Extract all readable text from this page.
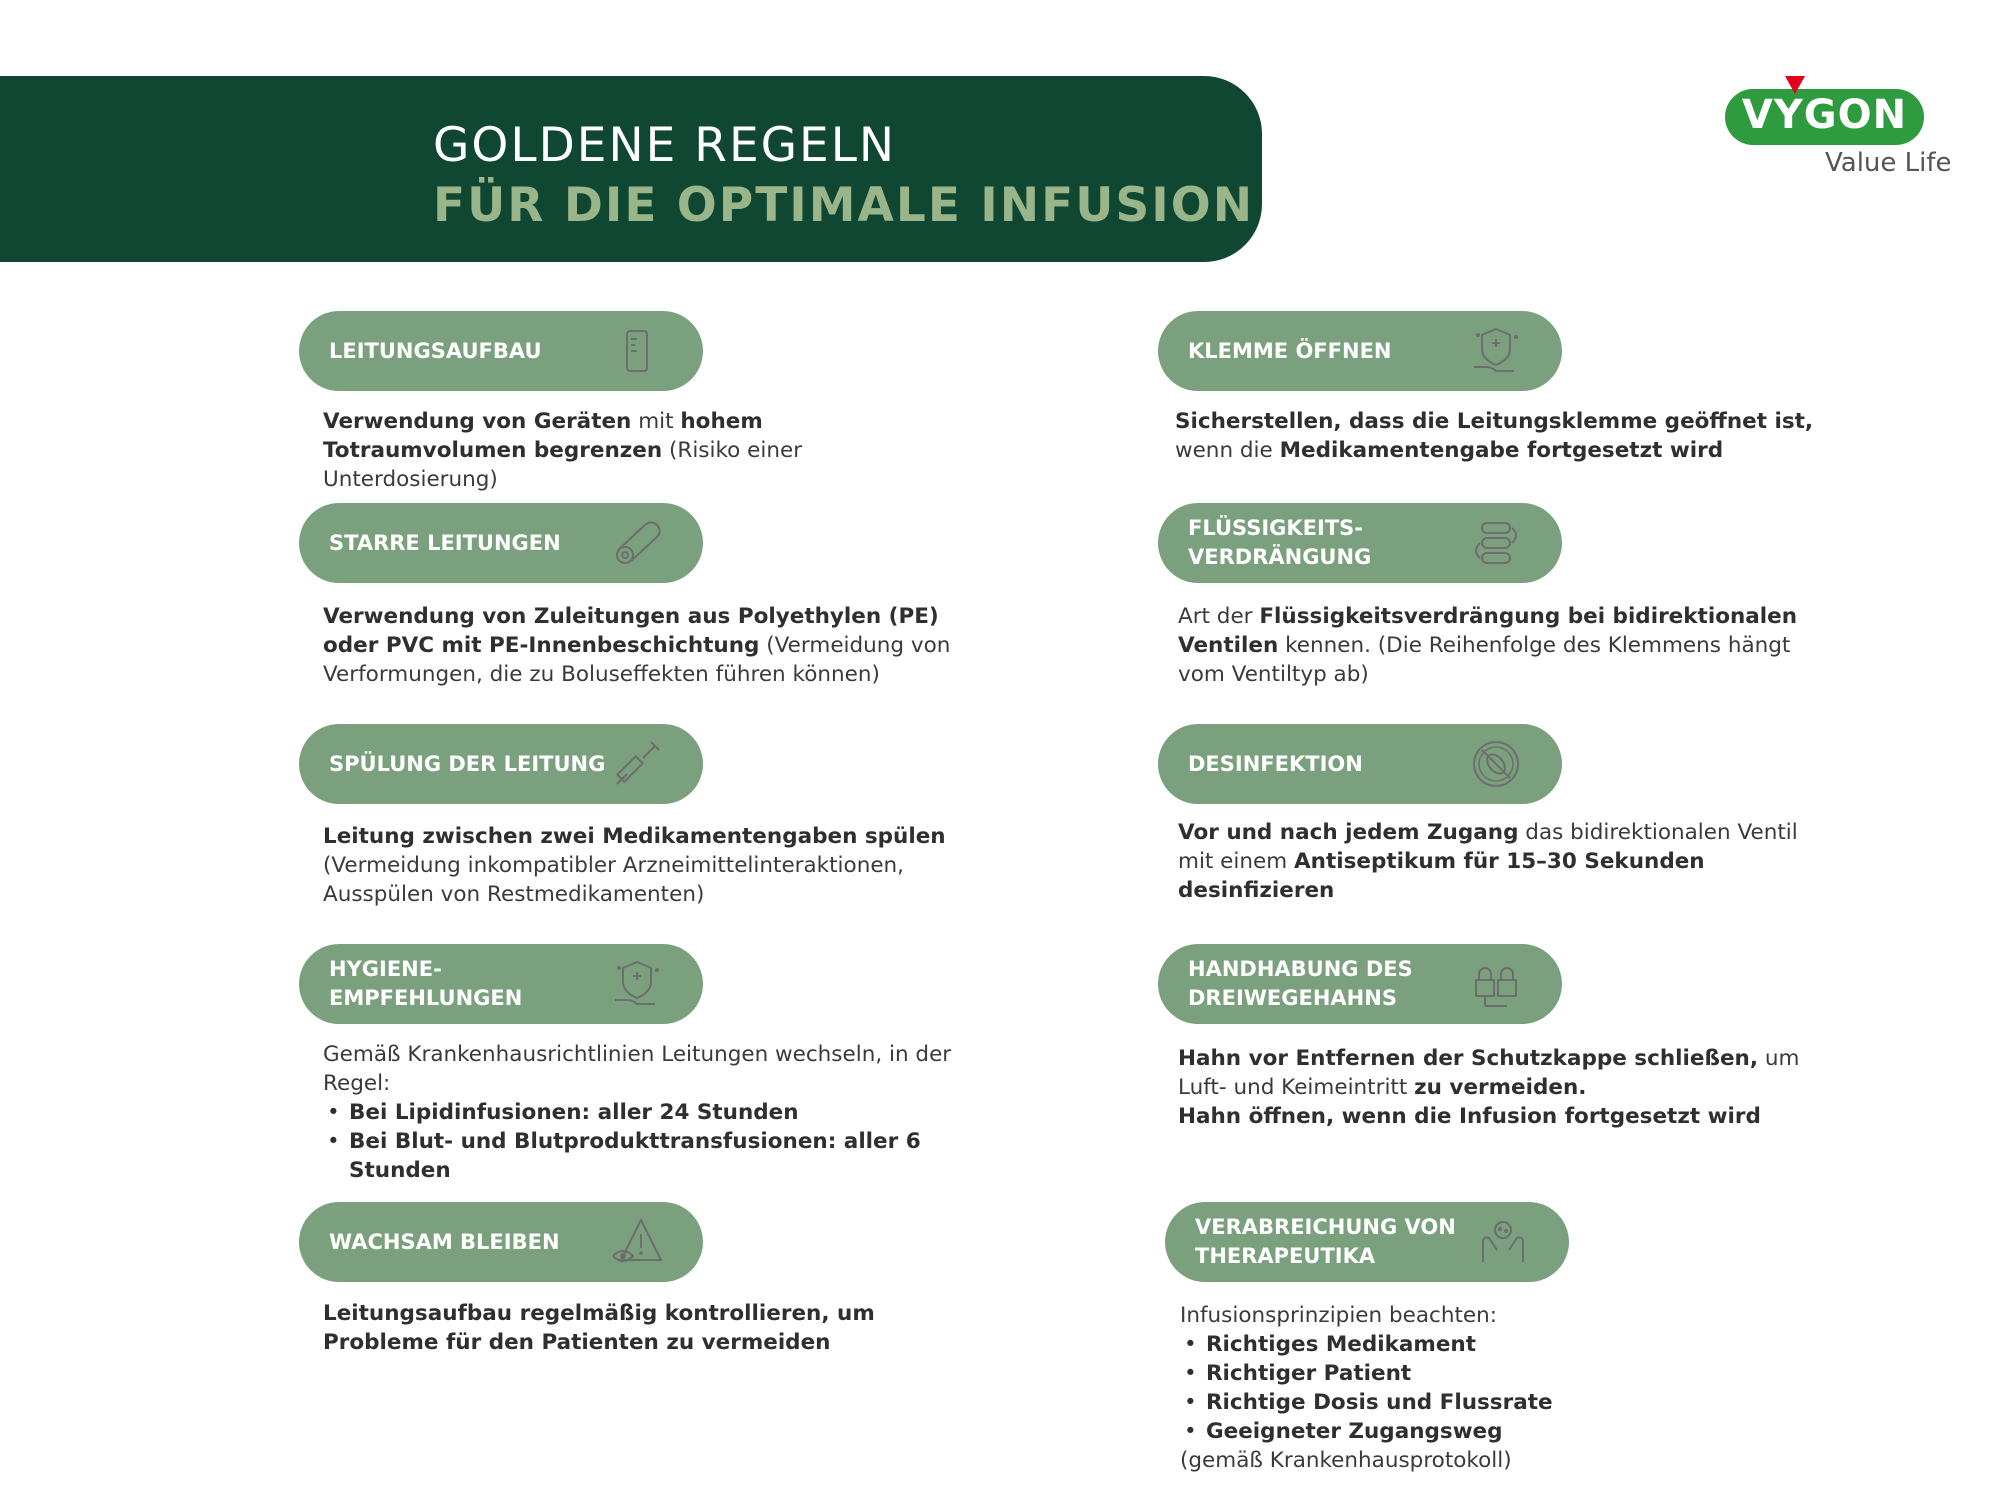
GOLDENE REGELN
FÜR DIE OPTIMALE INFUSION
VYGON
Value Life
LEITUNGSAUFBAU
Verwendung von Geräten mit hohem Totraumvolumen begrenzen (Risiko einer Unterdosierung)
STARRE LEITUNGEN
Verwendung von Zuleitungen aus Polyethylen (PE) oder PVC mit PE-Innenbeschichtung (Vermeidung von Verformungen, die zu Boluseffekten führen können)
SPÜLUNG DER LEITUNG
Leitung zwischen zwei Medikamentengaben spülen (Vermeidung inkompatibler Arzneimittelinteraktionen, Ausspülen von Restmedikamenten)
HYGIENE-
EMPFEHLUNGEN
Gemäß Krankenhausrichtlinien Leitungen wechseln, in der Regel:
• Bei Lipidinfusionen: aller 24 Stunden
• Bei Blut- und Blutprodukttransfusionen: aller 6 Stunden
WACHSAM BLEIBEN
Leitungsaufbau regelmäßig kontrollieren, um Probleme für den Patienten zu vermeiden
KLEMME ÖFFNEN
Sicherstellen, dass die Leitungsklemme geöffnet ist, wenn die Medikamentengabe fortgesetzt wird
FLÜSSIGKEITS-
VERDRÄNGUNG
Art der Flüssigkeitsverdrängung bei bidirektionalen Ventilen kennen. (Die Reihenfolge des Klemmens hängt vom Ventiltyp ab)
DESINFEKTION
Vor und nach jedem Zugang das bidirektionalen Ventil mit einem Antiseptikum für 15–30 Sekunden desinfizieren
HANDHABUNG DES
DREIWEGEHAHNS
Hahn vor Entfernen der Schutzkappe schließen, um Luft- und Keimeintritt zu vermeiden.
Hahn öffnen, wenn die Infusion fortgesetzt wird
VERABREICHUNG VON
THERAPEUTIKA
Infusionsprinzipien beachten:
• Richtiges Medikament
• Richtiger Patient
• Richtige Dosis und Flussrate
• Geeigneter Zugangsweg
(gemäß Krankenhausprotokoll)
